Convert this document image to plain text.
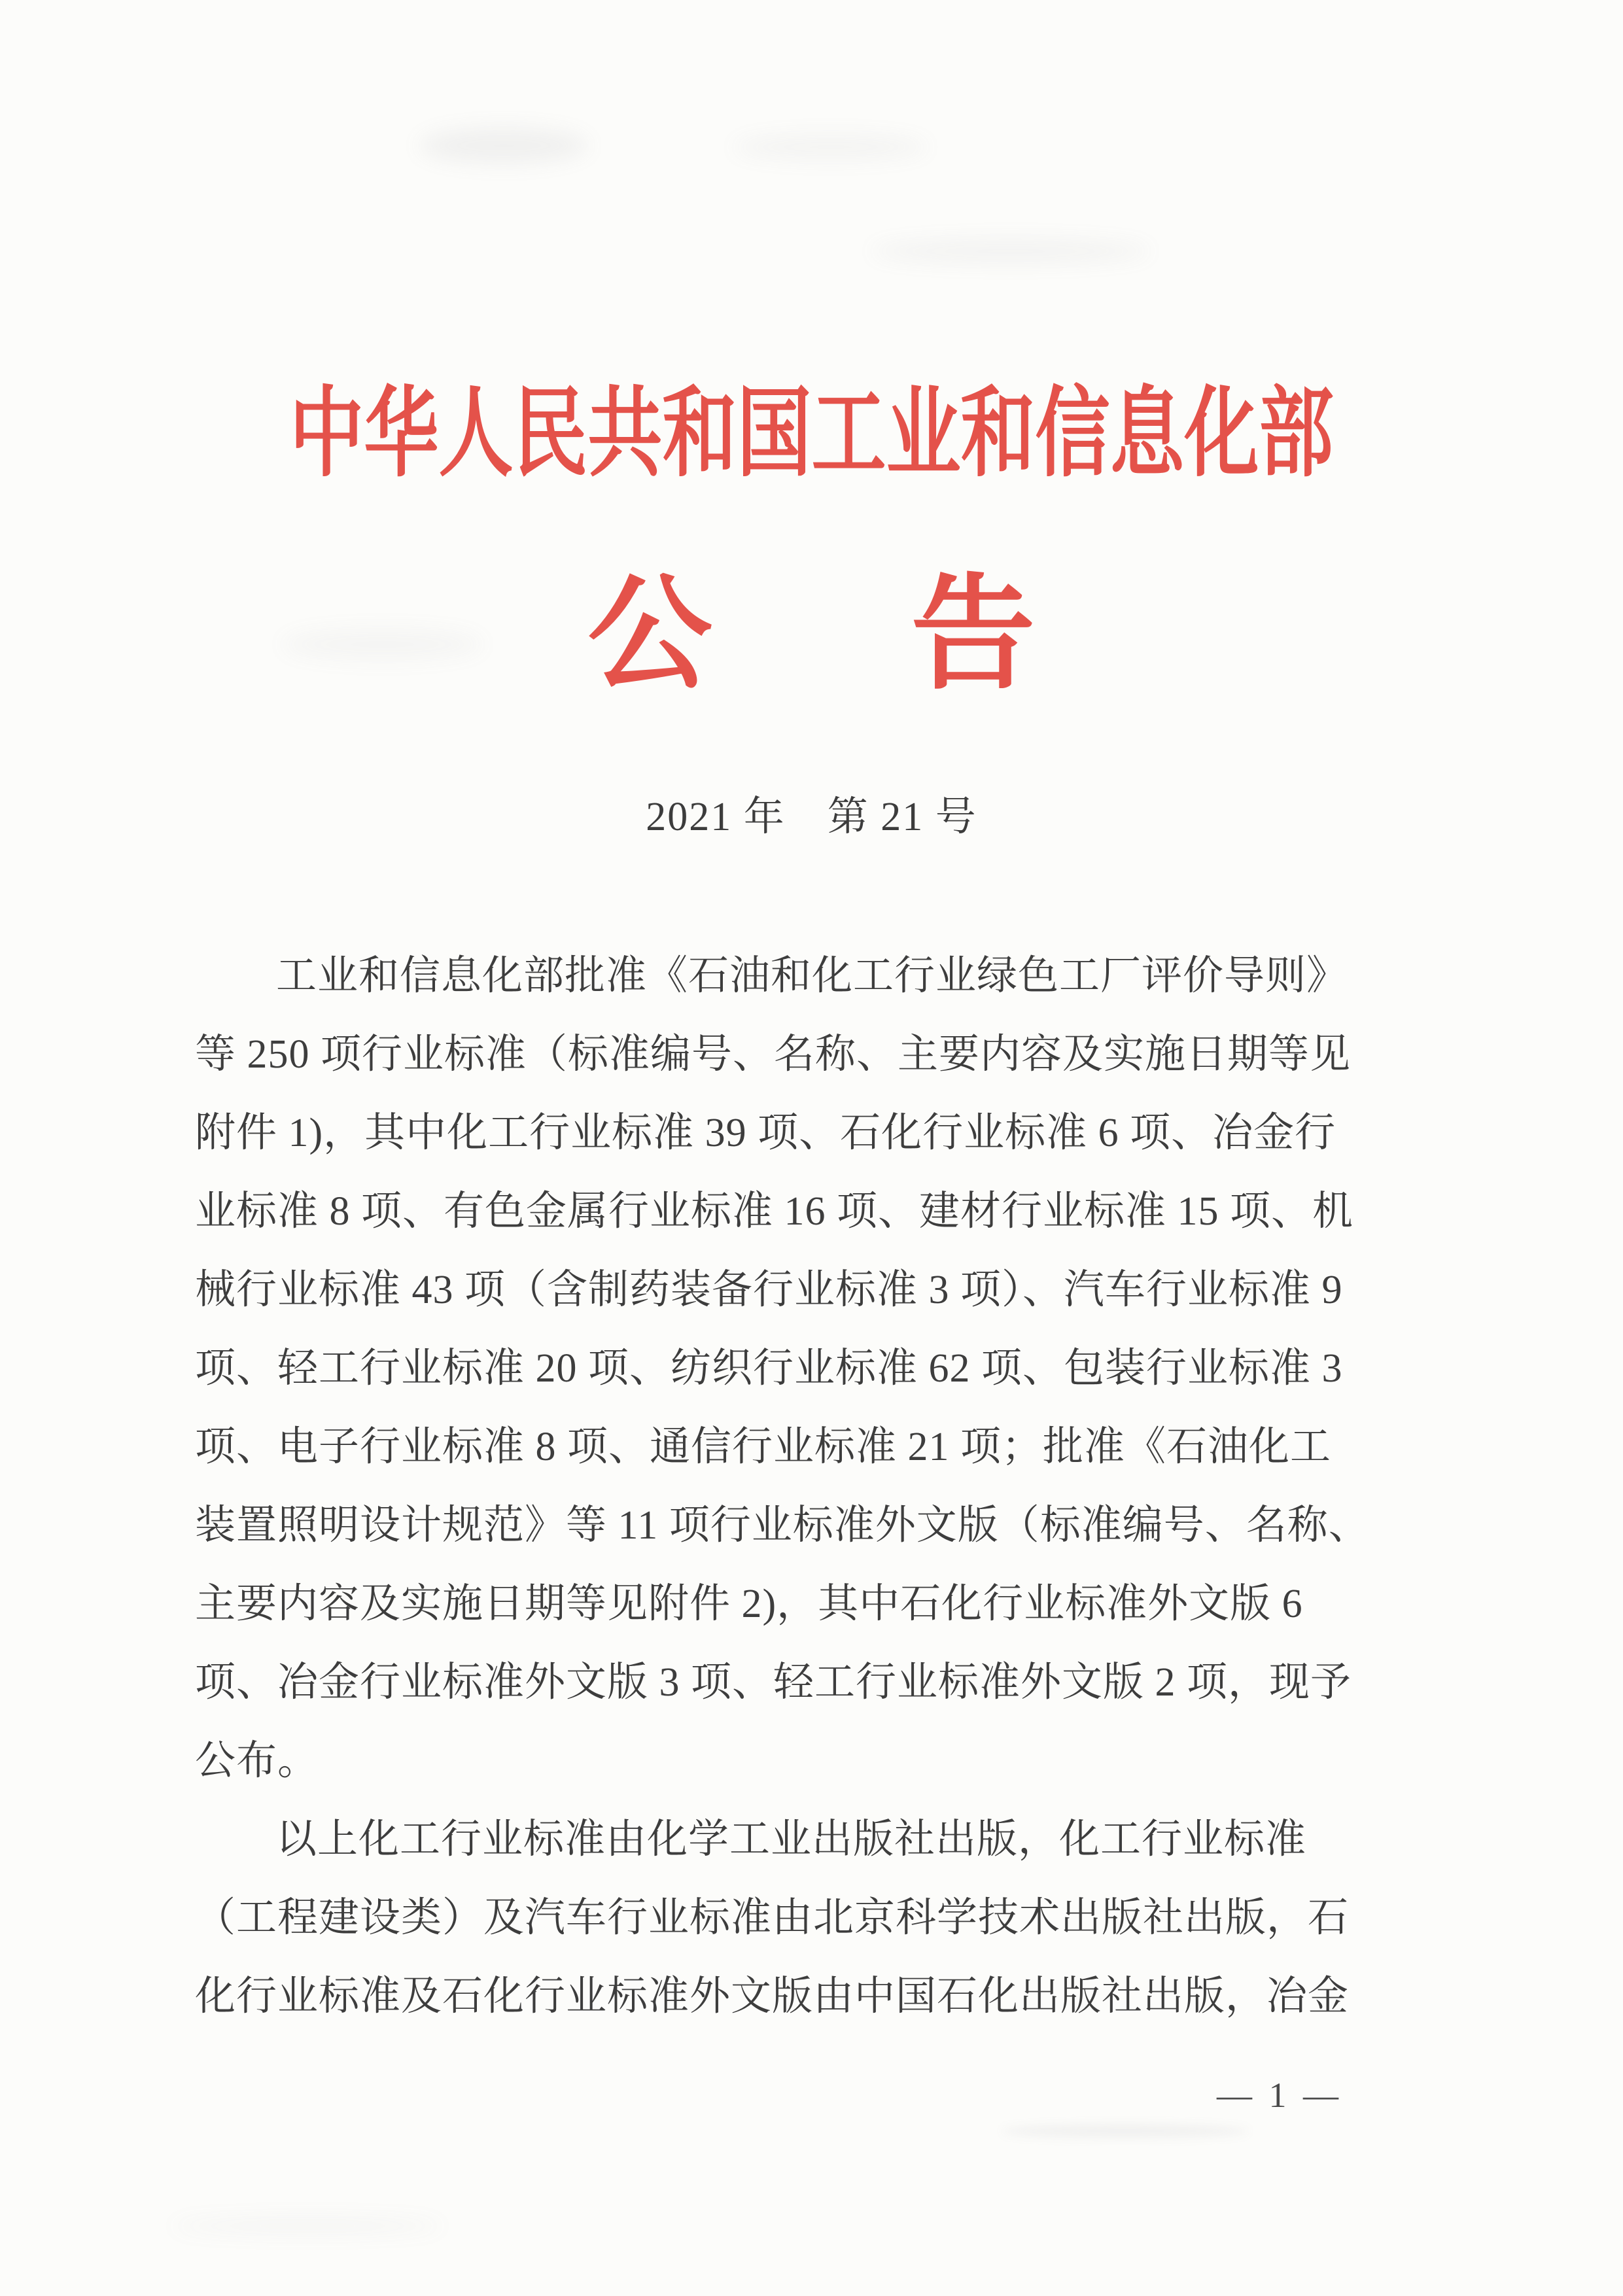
中华人民共和国工业和信息化部
公　告
2021 年　第 21 号
工业和信息化部批准《石油和化工行业绿色工厂评价导则》
等 250 项行业标准（标准编号、名称、主要内容及实施日期等见
附件 1)，其中化工行业标准 39 项、石化行业标准 6 项、冶金行
业标准 8 项、有色金属行业标准 16 项、建材行业标准 15 项、机
械行业标准 43 项（含制药装备行业标准 3 项）、汽车行业标准 9
项、轻工行业标准 20 项、纺织行业标准 62 项、包装行业标准 3
项、电子行业标准 8 项、通信行业标准 21 项；批准《石油化工
装置照明设计规范》等 11 项行业标准外文版（标准编号、名称、
主要内容及实施日期等见附件 2)，其中石化行业标准外文版 6
项、冶金行业标准外文版 3 项、轻工行业标准外文版 2 项，现予
公布。
以上化工行业标准由化学工业出版社出版，化工行业标准
（工程建设类）及汽车行业标准由北京科学技术出版社出版，石
化行业标准及石化行业标准外文版由中国石化出版社出版，冶金
— 1 —
